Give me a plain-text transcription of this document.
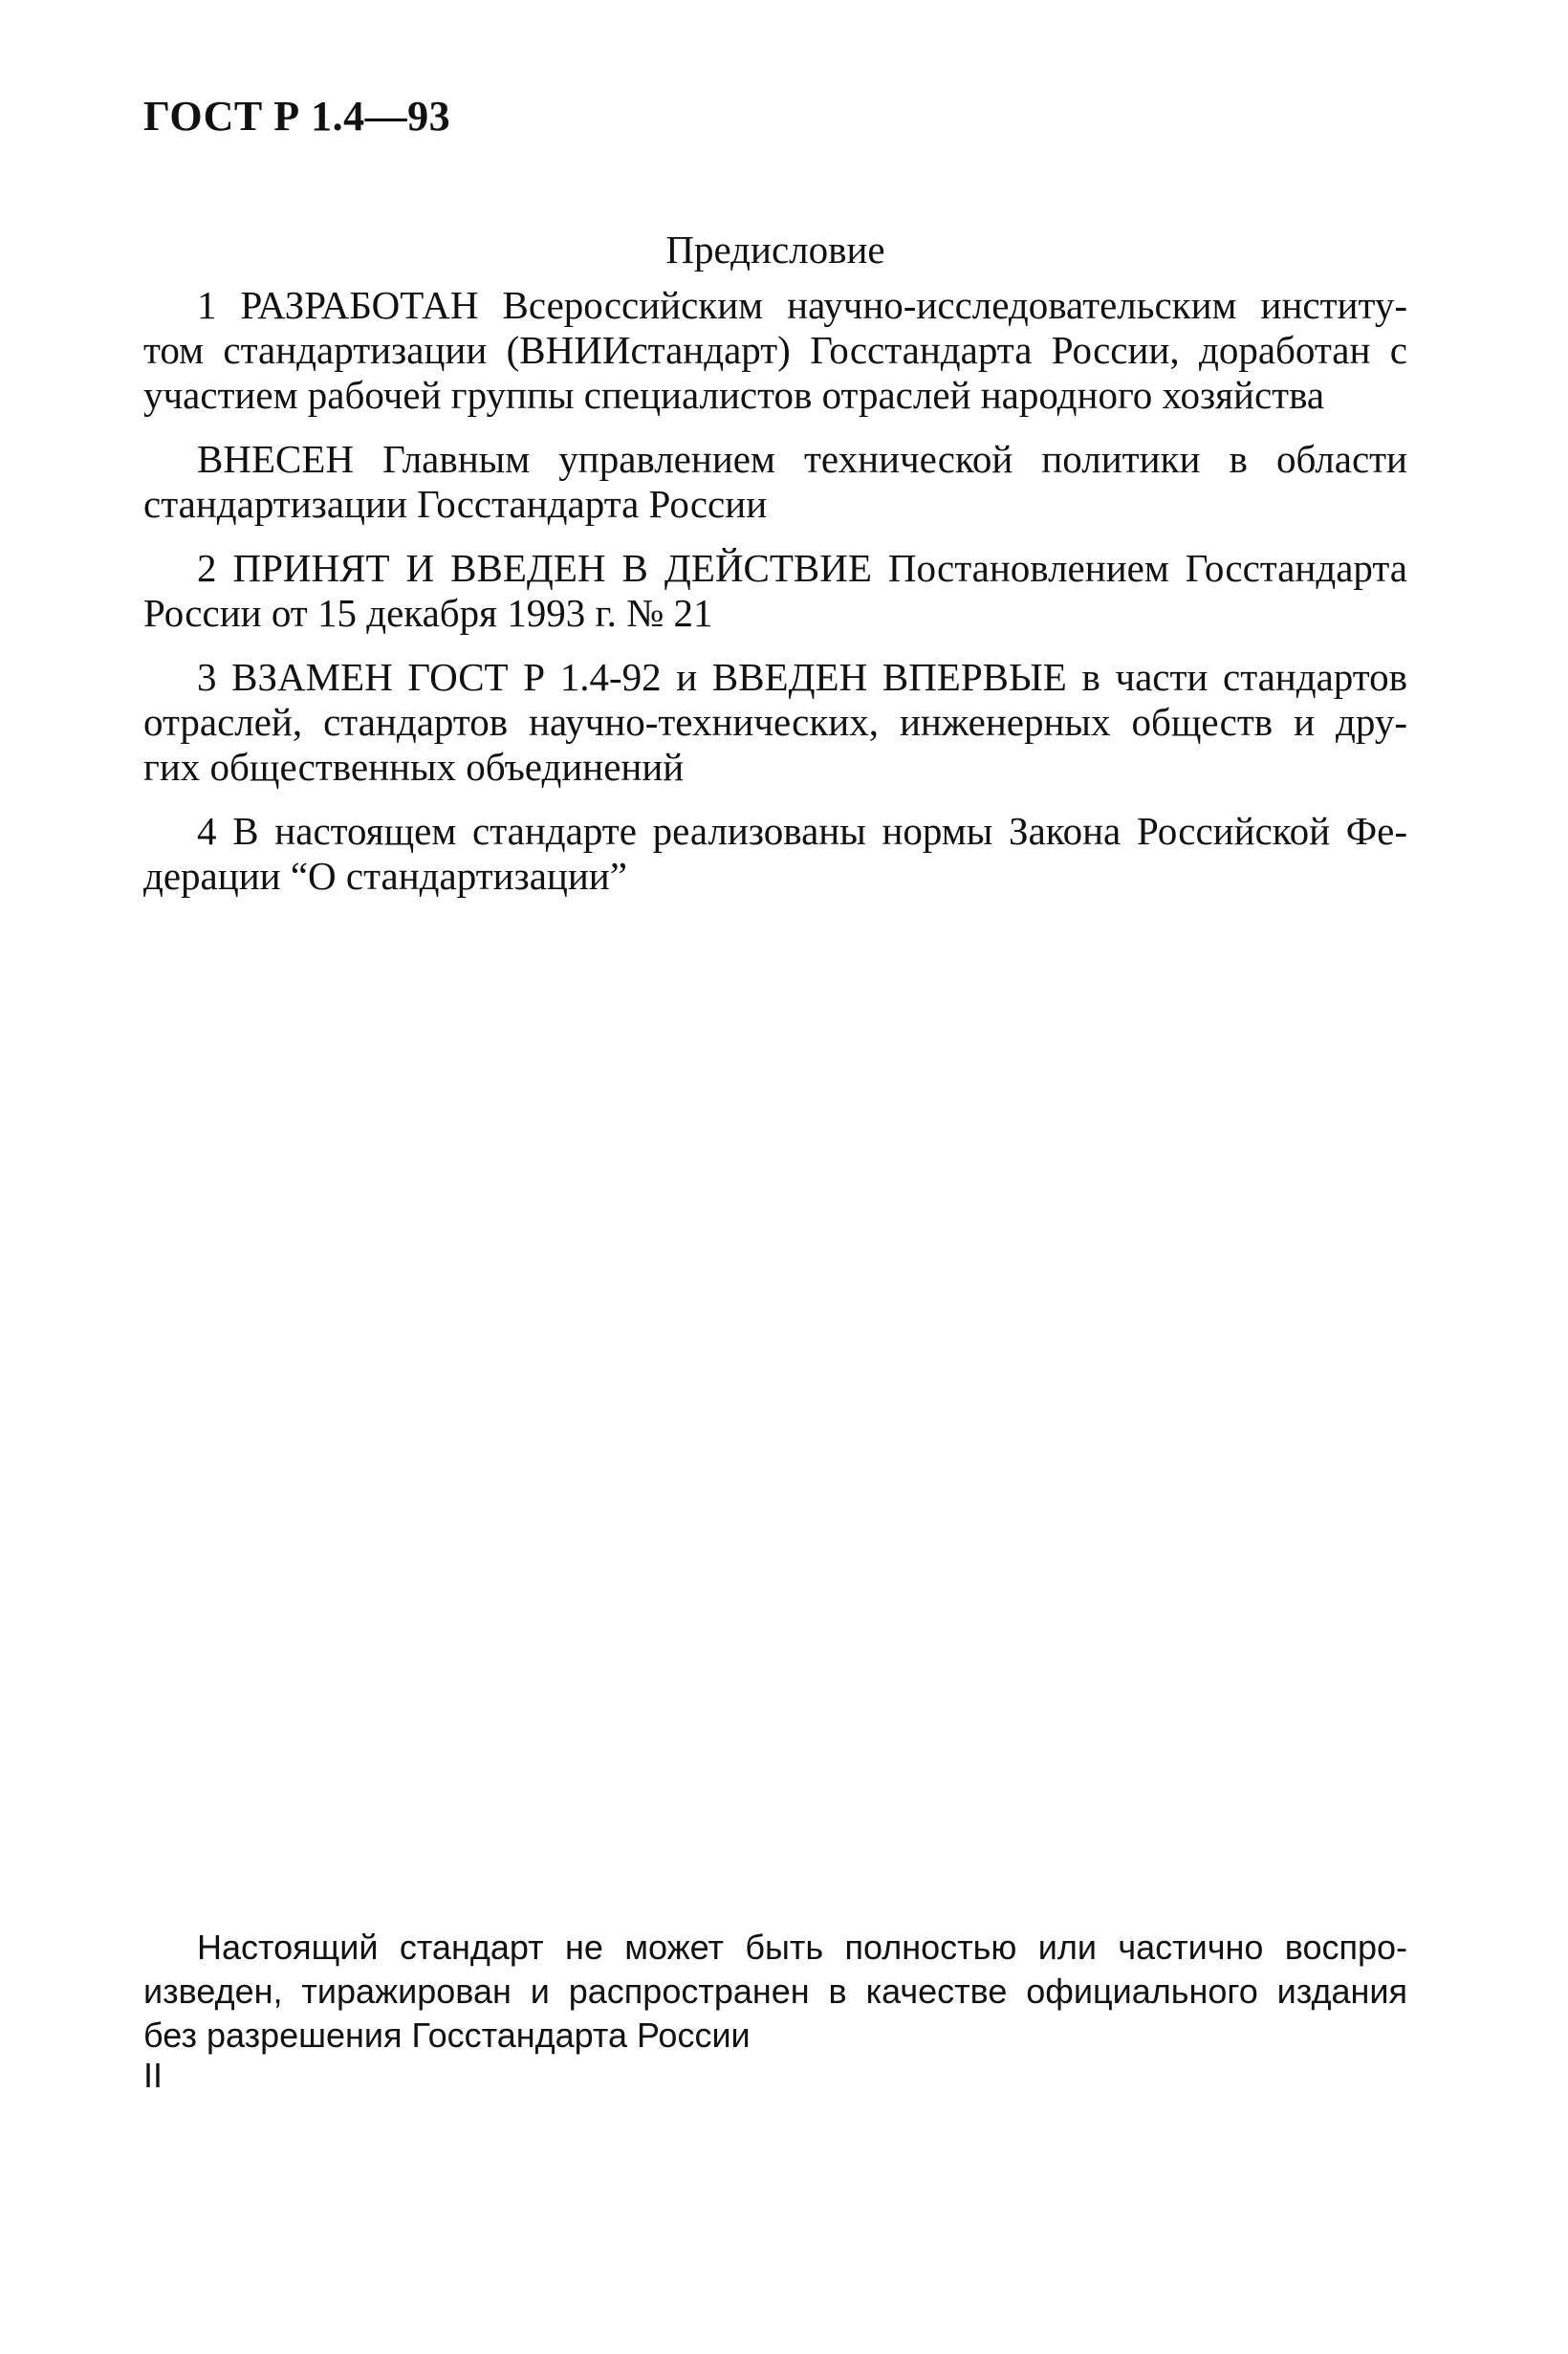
ГОСТ Р 1.4—93
Предисловие

1 РАЗРАБОТАН Всероссийским научно-исследовательским институ-
том стандартизации (ВНИИстандарт) Госстандарта России, доработан с
участием рабочей группы специалистов отраслей народного хозяйства

ВНЕСЕН Главным управлением технической политики в области
стандартизации Госстандарта России

2 ПРИНЯТ И ВВЕДЕН В ДЕЙСТВИЕ Постановлением Госстандарта
России от 15 декабря 1993 г. № 21

3 ВЗАМЕН ГОСТ Р 1.4-92 и ВВЕДЕН ВПЕРВЫЕ в части стандартов
отраслей, стандартов научно-технических, инженерных обществ и дру-
гих общественных объединений

4 В настоящем стандарте реализованы нормы Закона Российской Фе-
дерации “О стандартизации”

Настоящий стандарт не может быть полностью или частично воспро-
изведен, тиражирован и распространен в качестве официального издания
без разрешения Госстандарта России
II
